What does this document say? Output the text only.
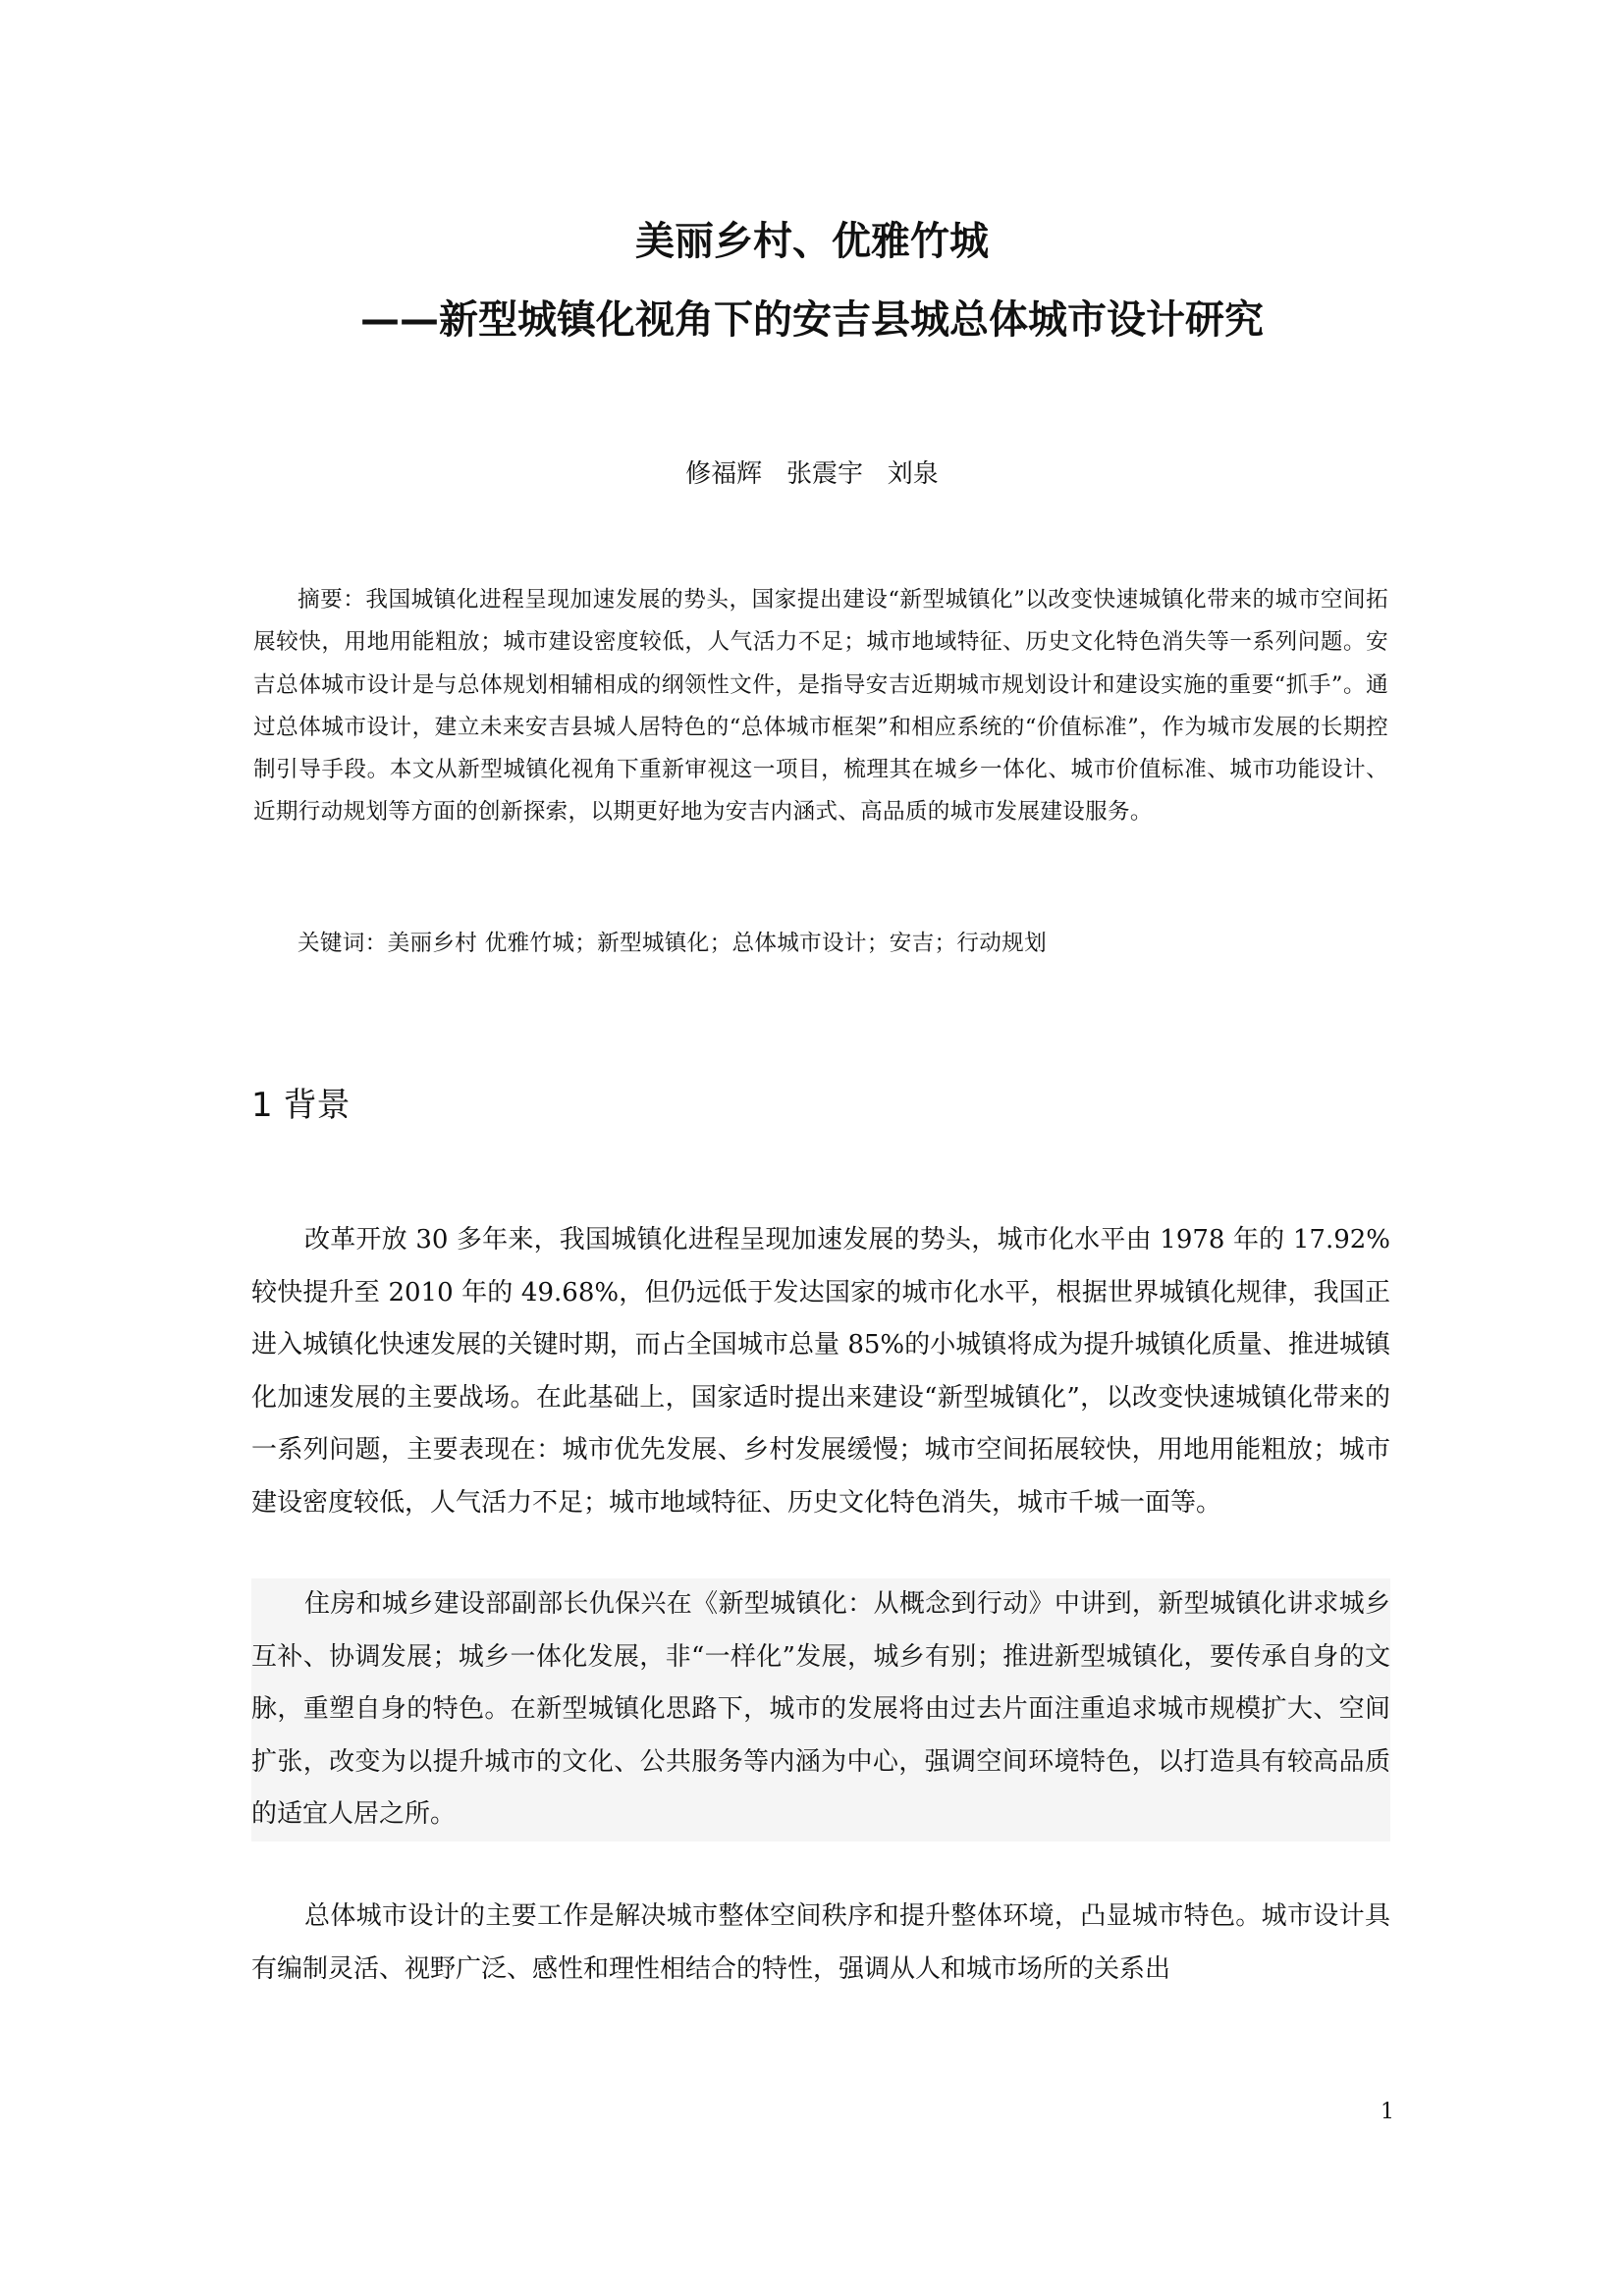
美丽乡村、优雅竹城
——新型城镇化视角下的安吉县城总体城市设计研究
修福辉 张震宇 刘泉

摘要：我国城镇化进程呈现加速发展的势头，国家提出建设“新型城镇化”以改变快速城镇化带来的城市空间拓展较快，用地用能粗放；城市建设密度较低，人气活力不足；城市地域特征、历史文化特色消失等一系列问题。安吉总体城市设计是与总体规划相辅相成的纲领性文件，是指导安吉近期城市规划设计和建设实施的重要“抓手”。通过总体城市设计，建立未来安吉县城人居特色的“总体城市框架”和相应系统的“价值标准”，作为城市发展的长期控制引导手段。本文从新型城镇化视角下重新审视这一项目，梳理其在城乡一体化、城市价值标准、城市功能设计、近期行动规划等方面的创新探索，以期更好地为安吉内涵式、高品质的城市发展建设服务。

关键词：美丽乡村 优雅竹城；新型城镇化；总体城市设计；安吉；行动规划

1 背景

改革开放 30 多年来，我国城镇化进程呈现加速发展的势头，城市化水平由 1978 年的 17.92%较快提升至 2010 年的 49.68%，但仍远低于发达国家的城市化水平，根据世界城镇化规律，我国正进入城镇化快速发展的关键时期，而占全国城市总量 85%的小城镇将成为提升城镇化质量、推进城镇化加速发展的主要战场。在此基础上，国家适时提出来建设“新型城镇化”，以改变快速城镇化带来的一系列问题，主要表现在：城市优先发展、乡村发展缓慢；城市空间拓展较快，用地用能粗放；城市建设密度较低，人气活力不足；城市地域特征、历史文化特色消失，城市千城一面等。

住房和城乡建设部副部长仇保兴在《新型城镇化：从概念到行动》中讲到，新型城镇化讲求城乡互补、协调发展；城乡一体化发展，非“一样化”发展，城乡有别；推进新型城镇化，要传承自身的文脉，重塑自身的特色。在新型城镇化思路下，城市的发展将由过去片面注重追求城市规模扩大、空间扩张，改变为以提升城市的文化、公共服务等内涵为中心，强调空间环境特色，以打造具有较高品质的适宜人居之所。

总体城市设计的主要工作是解决城市整体空间秩序和提升整体环境，凸显城市特色。城市设计具有编制灵活、视野广泛、感性和理性相结合的特性，强调从人和城市场所的关系出

1
